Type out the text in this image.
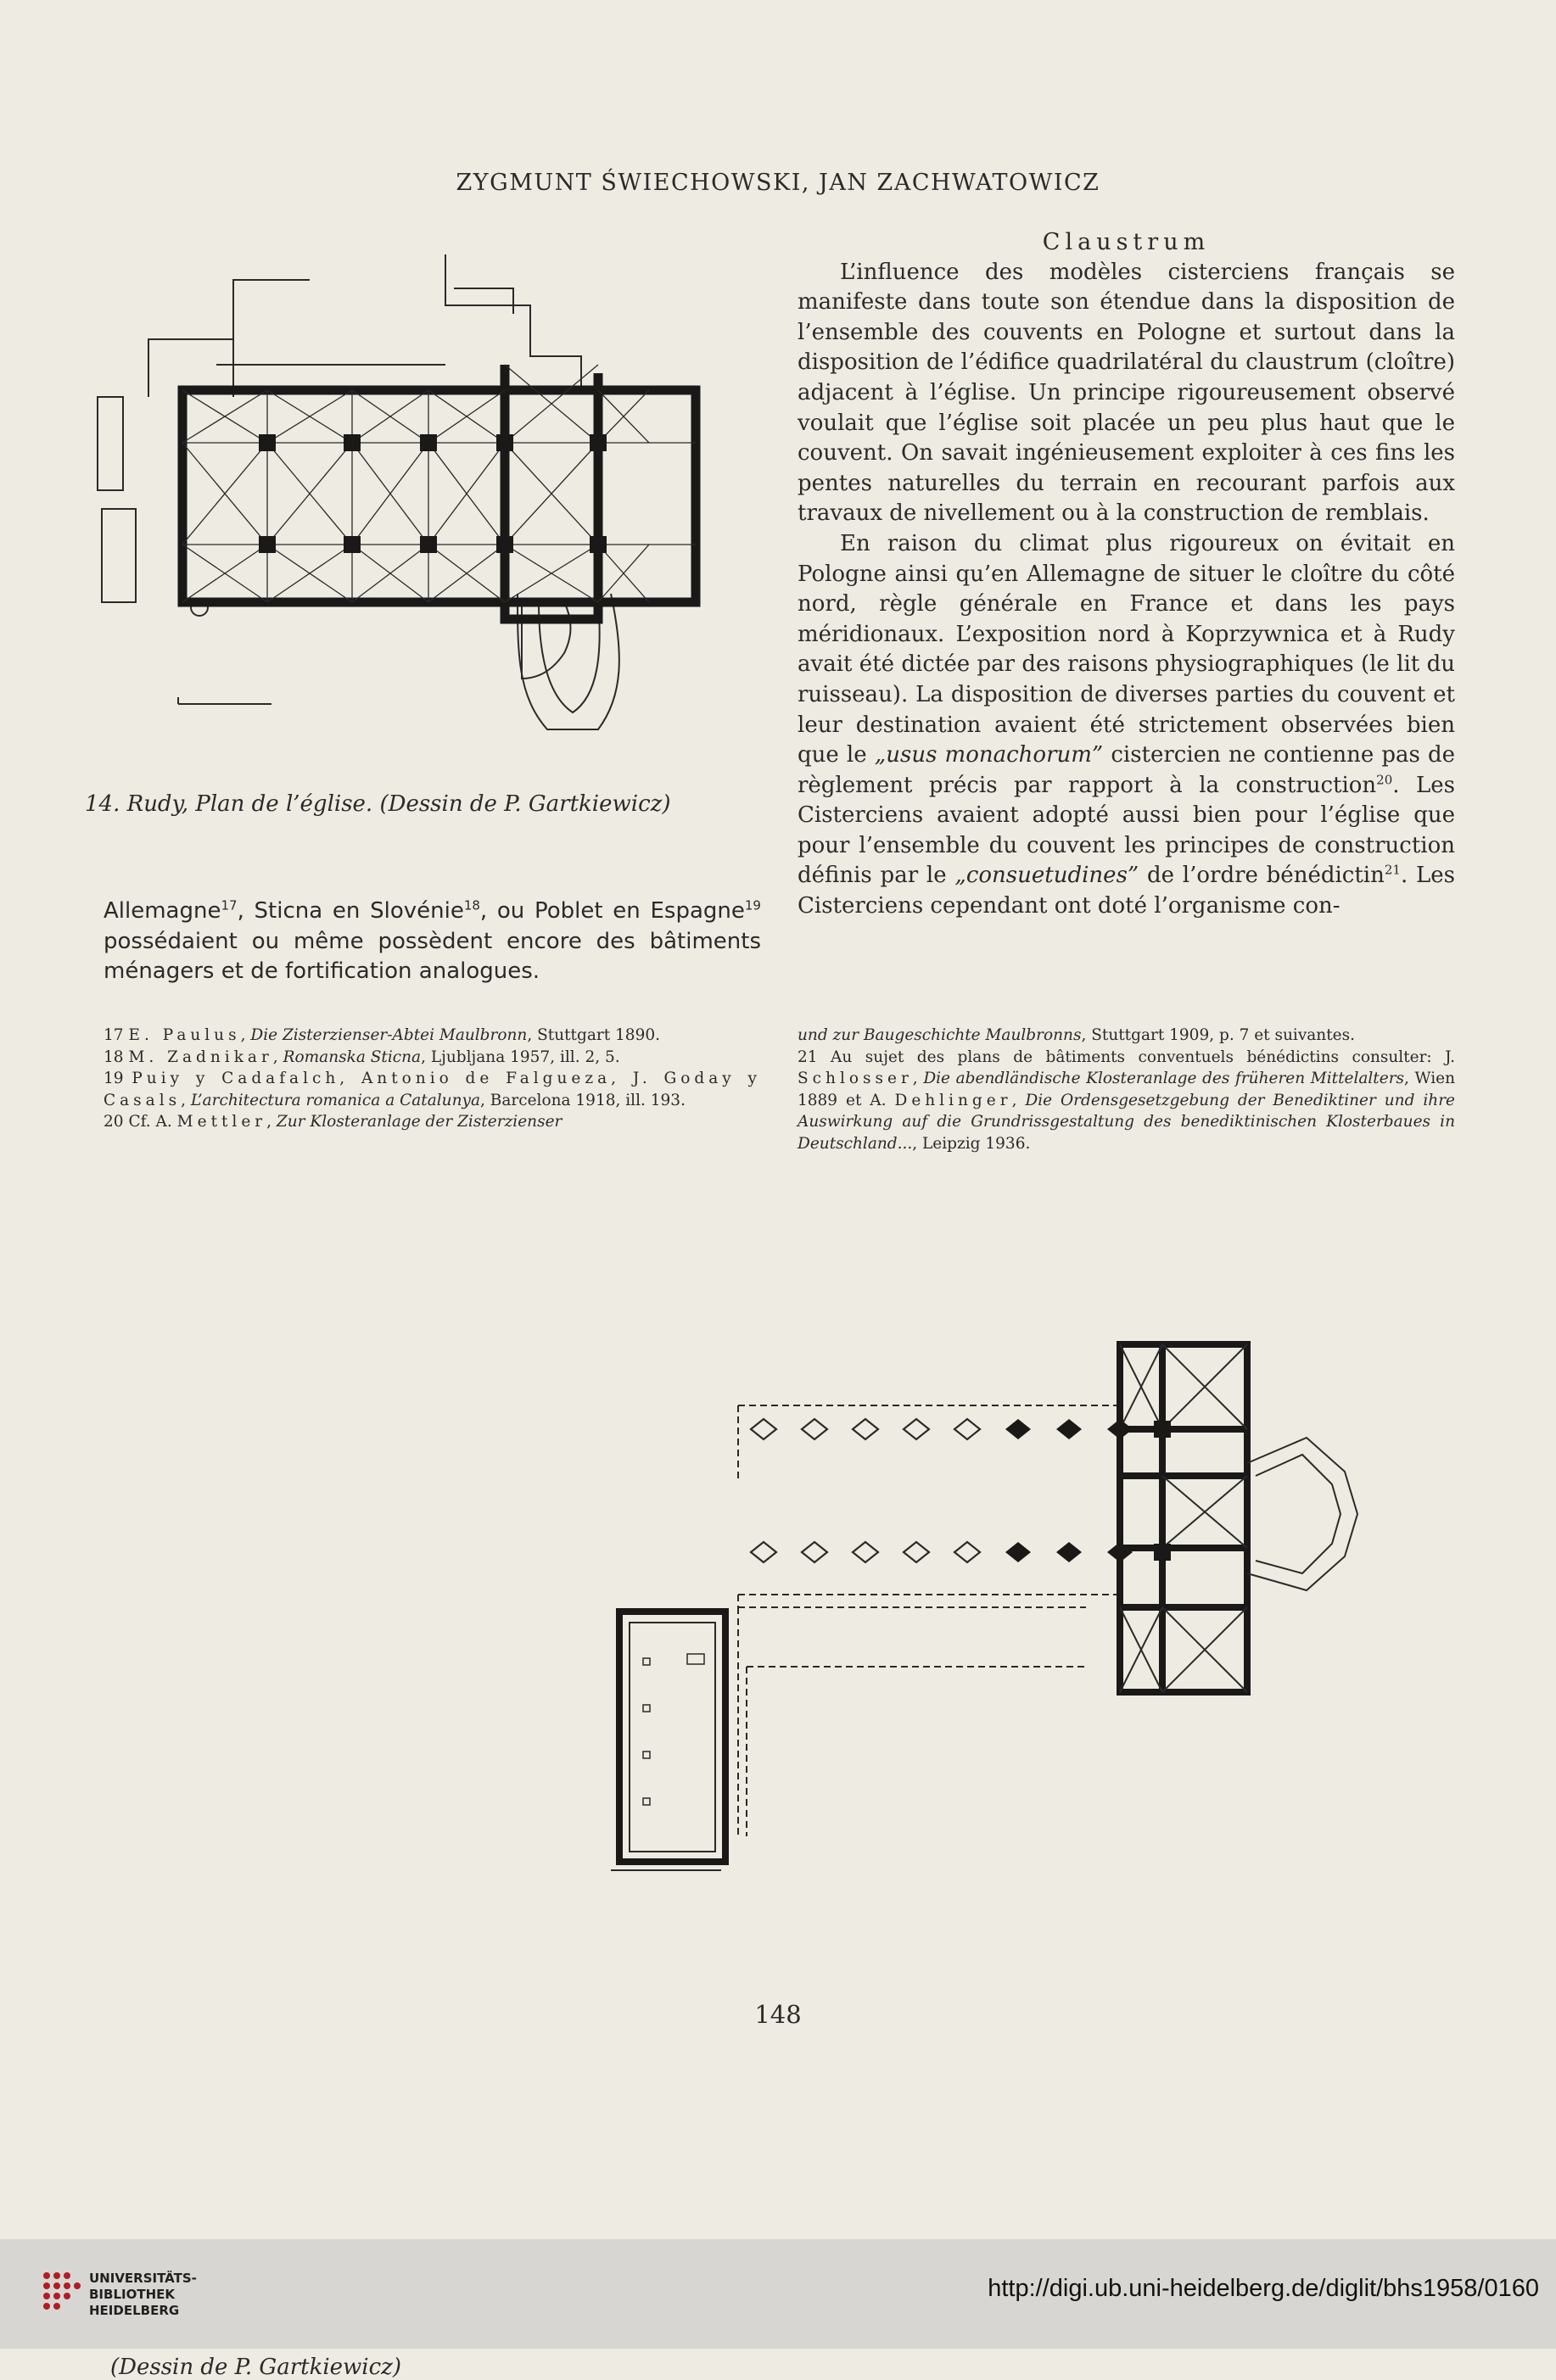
ZYGMUNT ŚWIECHOWSKI, JAN ZACHWATOWICZ
14. Rudy, Plan de l’église. (Dessin de P. Gartkiewicz)

Claustrum

L’influence des modèles cisterciens français se manifeste dans toute son étendue dans la disposition de l’ensemble des couvents en Pologne et surtout dans la disposition de l’édifice quadrilatéral du claustrum (cloître) adjacent à l’église. Un principe rigoureusement observé voulait que l’église soit placée un peu plus haut que le couvent. On savait ingénieusement exploiter à ces fins les pentes naturelles du terrain en recourant parfois aux travaux de nivellement ou à la construction de remblais.

En raison du climat plus rigoureux on évitait en Pologne ainsi qu’en Allemagne de situer le cloître du côté nord, règle générale en France et dans les pays méridionaux. L’exposition nord à Koprzywnica et à Rudy avait été dictée par des raisons physiographiques (le lit du ruisseau). La disposition de diverses parties du couvent et leur destination avaient été strictement observées bien que le „usus monachorum” cistercien ne contienne pas de règlement précis par rapport à la construction$^{20}$. Les Cisterciens avaient adopté aussi bien pour l’église que pour l’ensemble du couvent les principes de construction définis par le „consuetudines” de l’ordre bénédictin$^{21}$. Les Cisterciens cependant ont doté l’organisme con-

Allemagne$^{17}$, Sticna en Slovénie$^{18}$, ou Poblet en Espagne$^{19}$ possédaient ou même possèdent encore des bâtiments ménagers et de fortification analogues.

17 E. Paulus, Die Zisterzienser-Abtei Maulbronn, Stuttgart 1890.

18 M. Zadnikar, Romanska Sticna, Ljubljana 1957, ill. 2, 5.

19 Puiy y Cadafalch, Antonio de Falgueza, J. Goday y Casals, L’architectura romanica a Catalunya, Barcelona 1918, ill. 193.

20 Cf. A. Mettler, Zur Klosteranlage der Zisterzienser

und zur Baugeschichte Maulbronns, Stuttgart 1909, p. 7 et suivantes.

21 Au sujet des plans de bâtiments conventuels bénédictins consulter: J. Schlosser, Die abendländische Klosteranlage des früheren Mittelalters, Wien 1889 et A. Dehlinger, Die Ordensgesetzgebung der Benediktiner und ihre Auswirkung auf die Grundrissgestaltung des benediktinischen Klosterbaues in Deutschland..., Leipzig 1936.

(Dessin de P. Gartkiewicz)
148
UNIVERSITÄTS-
BIBLIOTHEK
HEIDELBERG
http://digi.ub.uni-heidelberg.de/diglit/bhs1958/0160
